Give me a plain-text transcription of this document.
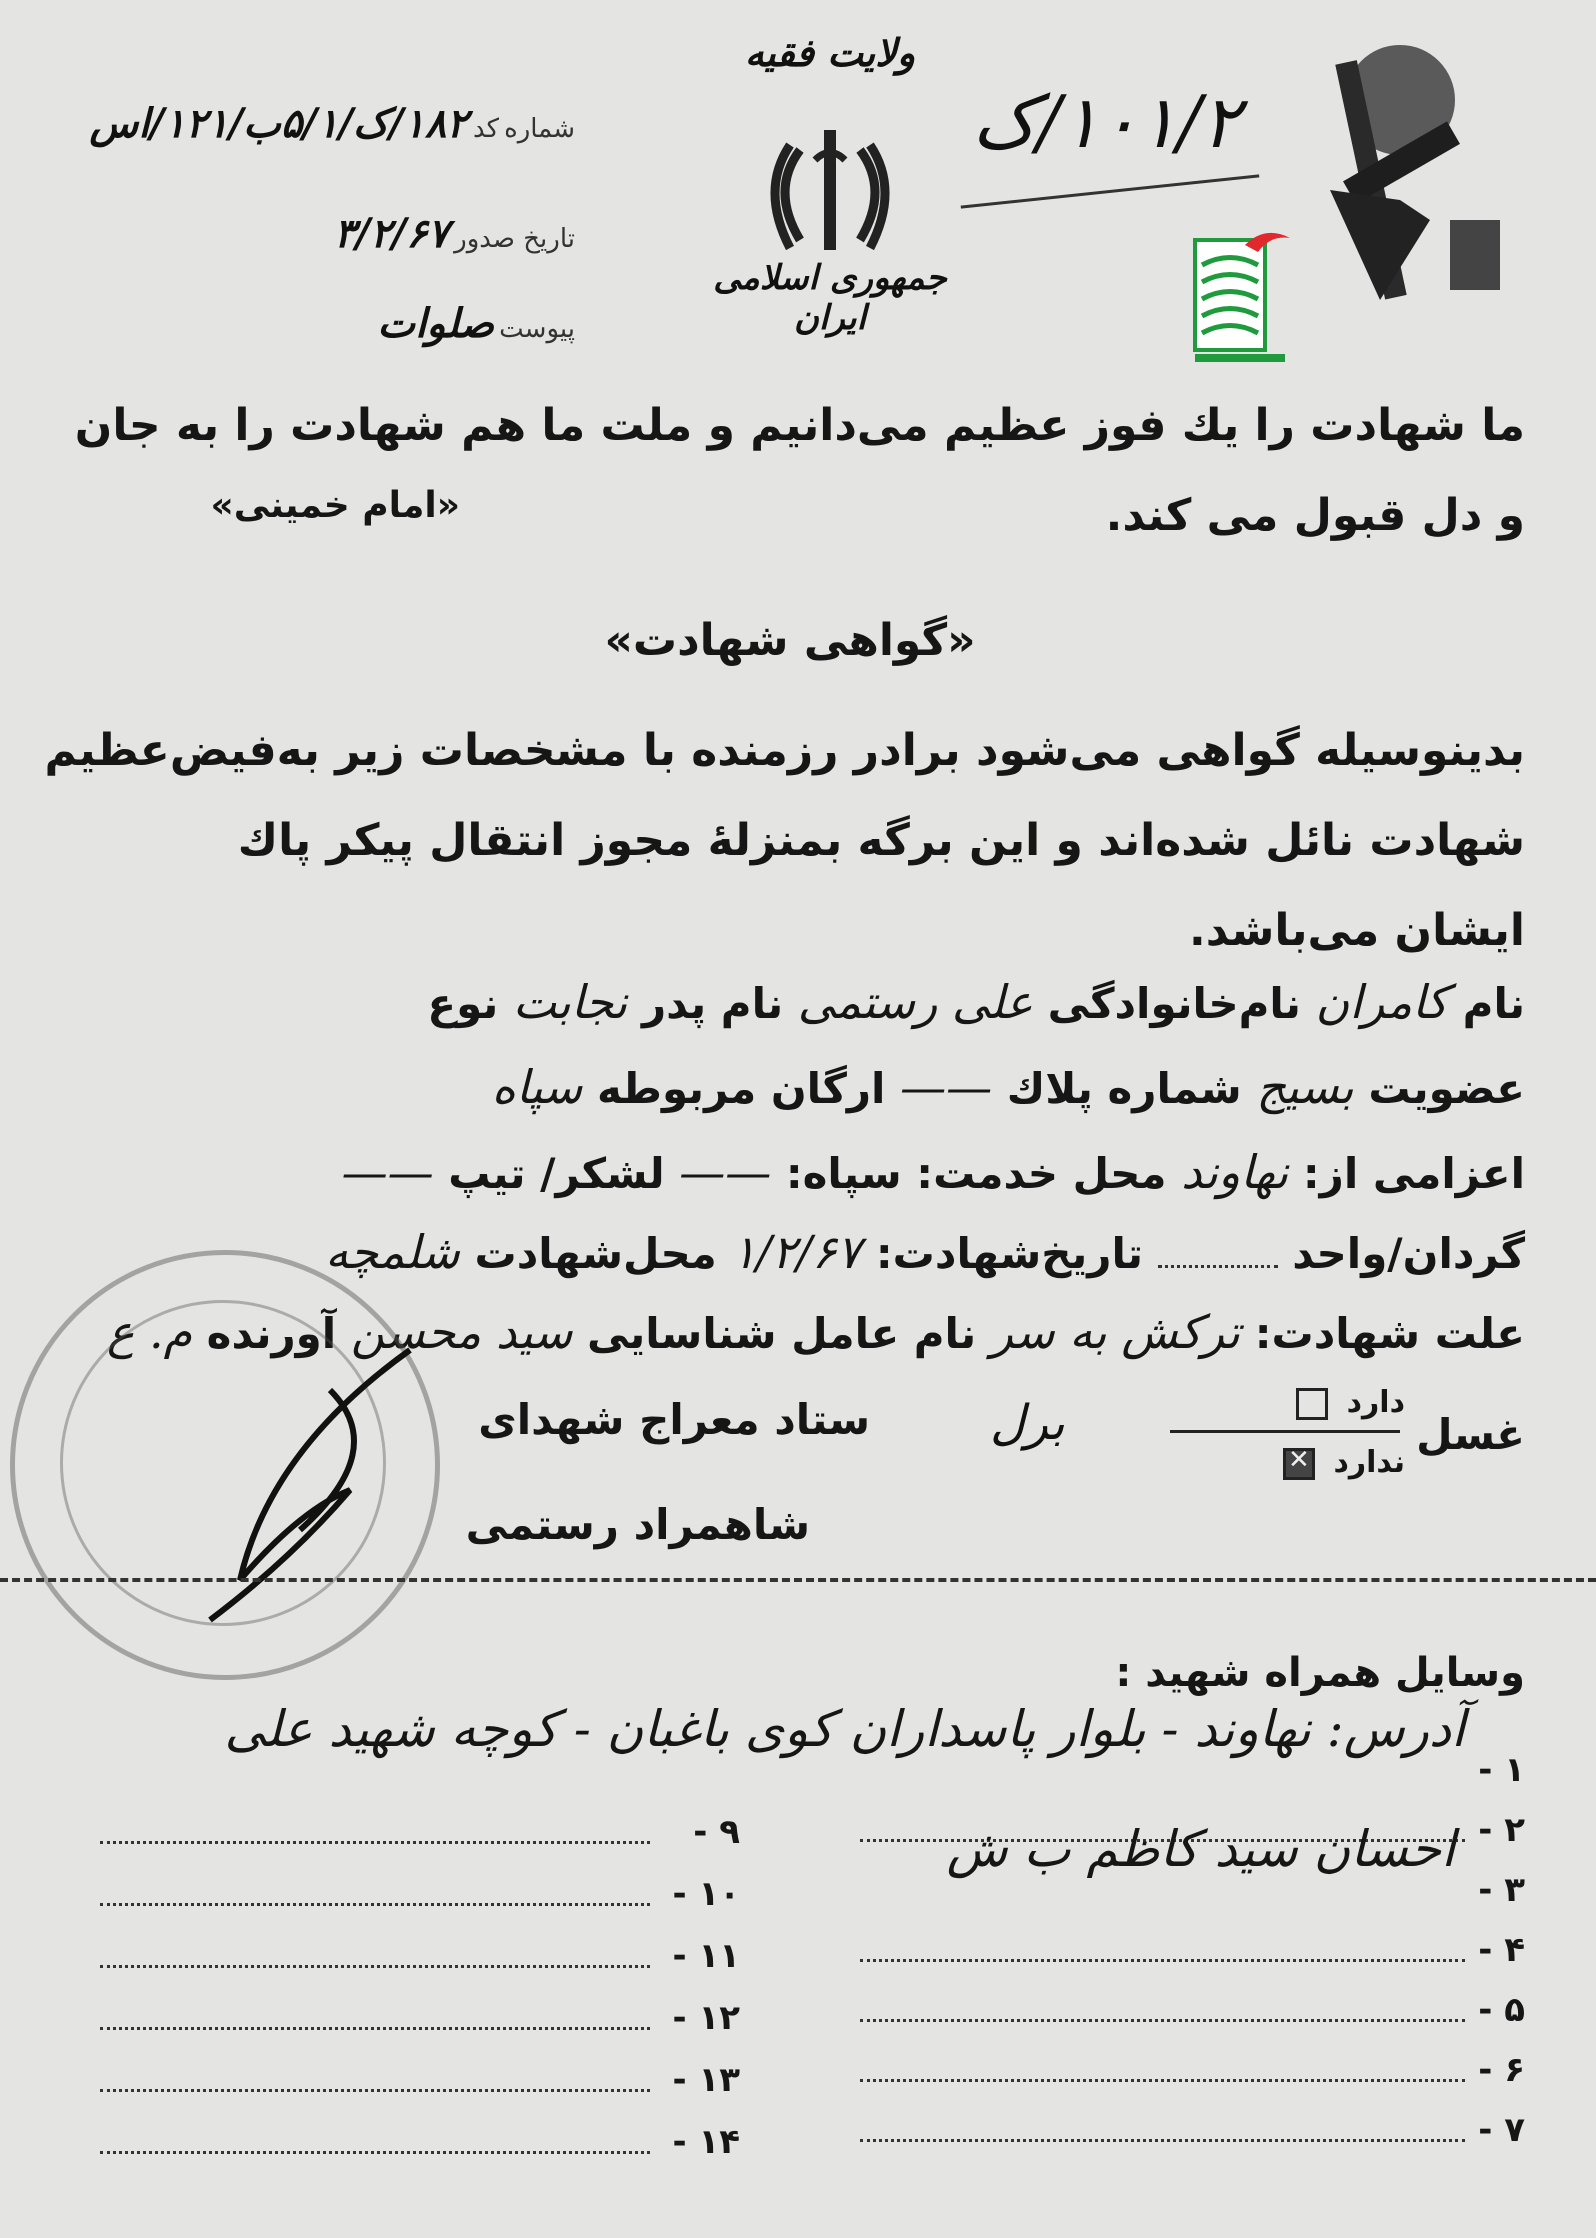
ولایت فقیه
جمهوری اسلامی ایران
۱۰۱/۲/ک
شماره کد ۱۸۲/ک/۵/۱ب/۱۲۱/اس
تاریخ صدور ۳/۲/۶۷
پیوست صلوات
ما شهادت را یك فوز عظیم می‌دانیم و ملت ما هم شهادت را به جان
و دل قبول می کند.
«امام خمینی»
«گواهی شهادت»
بدینوسیله گواهی می‌شود برادر رزمنده با مشخصات زیر به‌فیض‌عظیم
شهادت نائل شده‌اند و این برگه بمنزلهٔ مجوز انتقال پیکر پاك
ایشان می‌باشد.
نام کامران نام‌خانوادگی علی رستمی نام پدر نجابت نوع
عضویت بسیج شماره پلاك —— ارگان مربوطه سپاه
اعزامی از: نهاوند محل خدمت: سپاه: —— لشکر/ تیپ ——
گردان/واحد  تاریخ‌شهادت: ۱/۲/۶۷ محل‌شهادت شلمچه
علت شهادت: ترکش به سر نام عامل شناسایی سید محسن آورنده م. ع
غسل
دارد
ندارد ✕
برل
ستاد معراج شهدای
شاهمراد رستمی
وسایل همراه شهید :
۱ -
آدرس: نهاوند - بلوار پاسداران کوی باغبان - کوچه شهید علی
۲ -
۳ -
احسان سید کاظم ب ش
۴ -
۵ -
۶ -
۷ -
۹ -
۱۰ -
۱۱ -
۱۲ -
۱۳ -
۱۴ -
